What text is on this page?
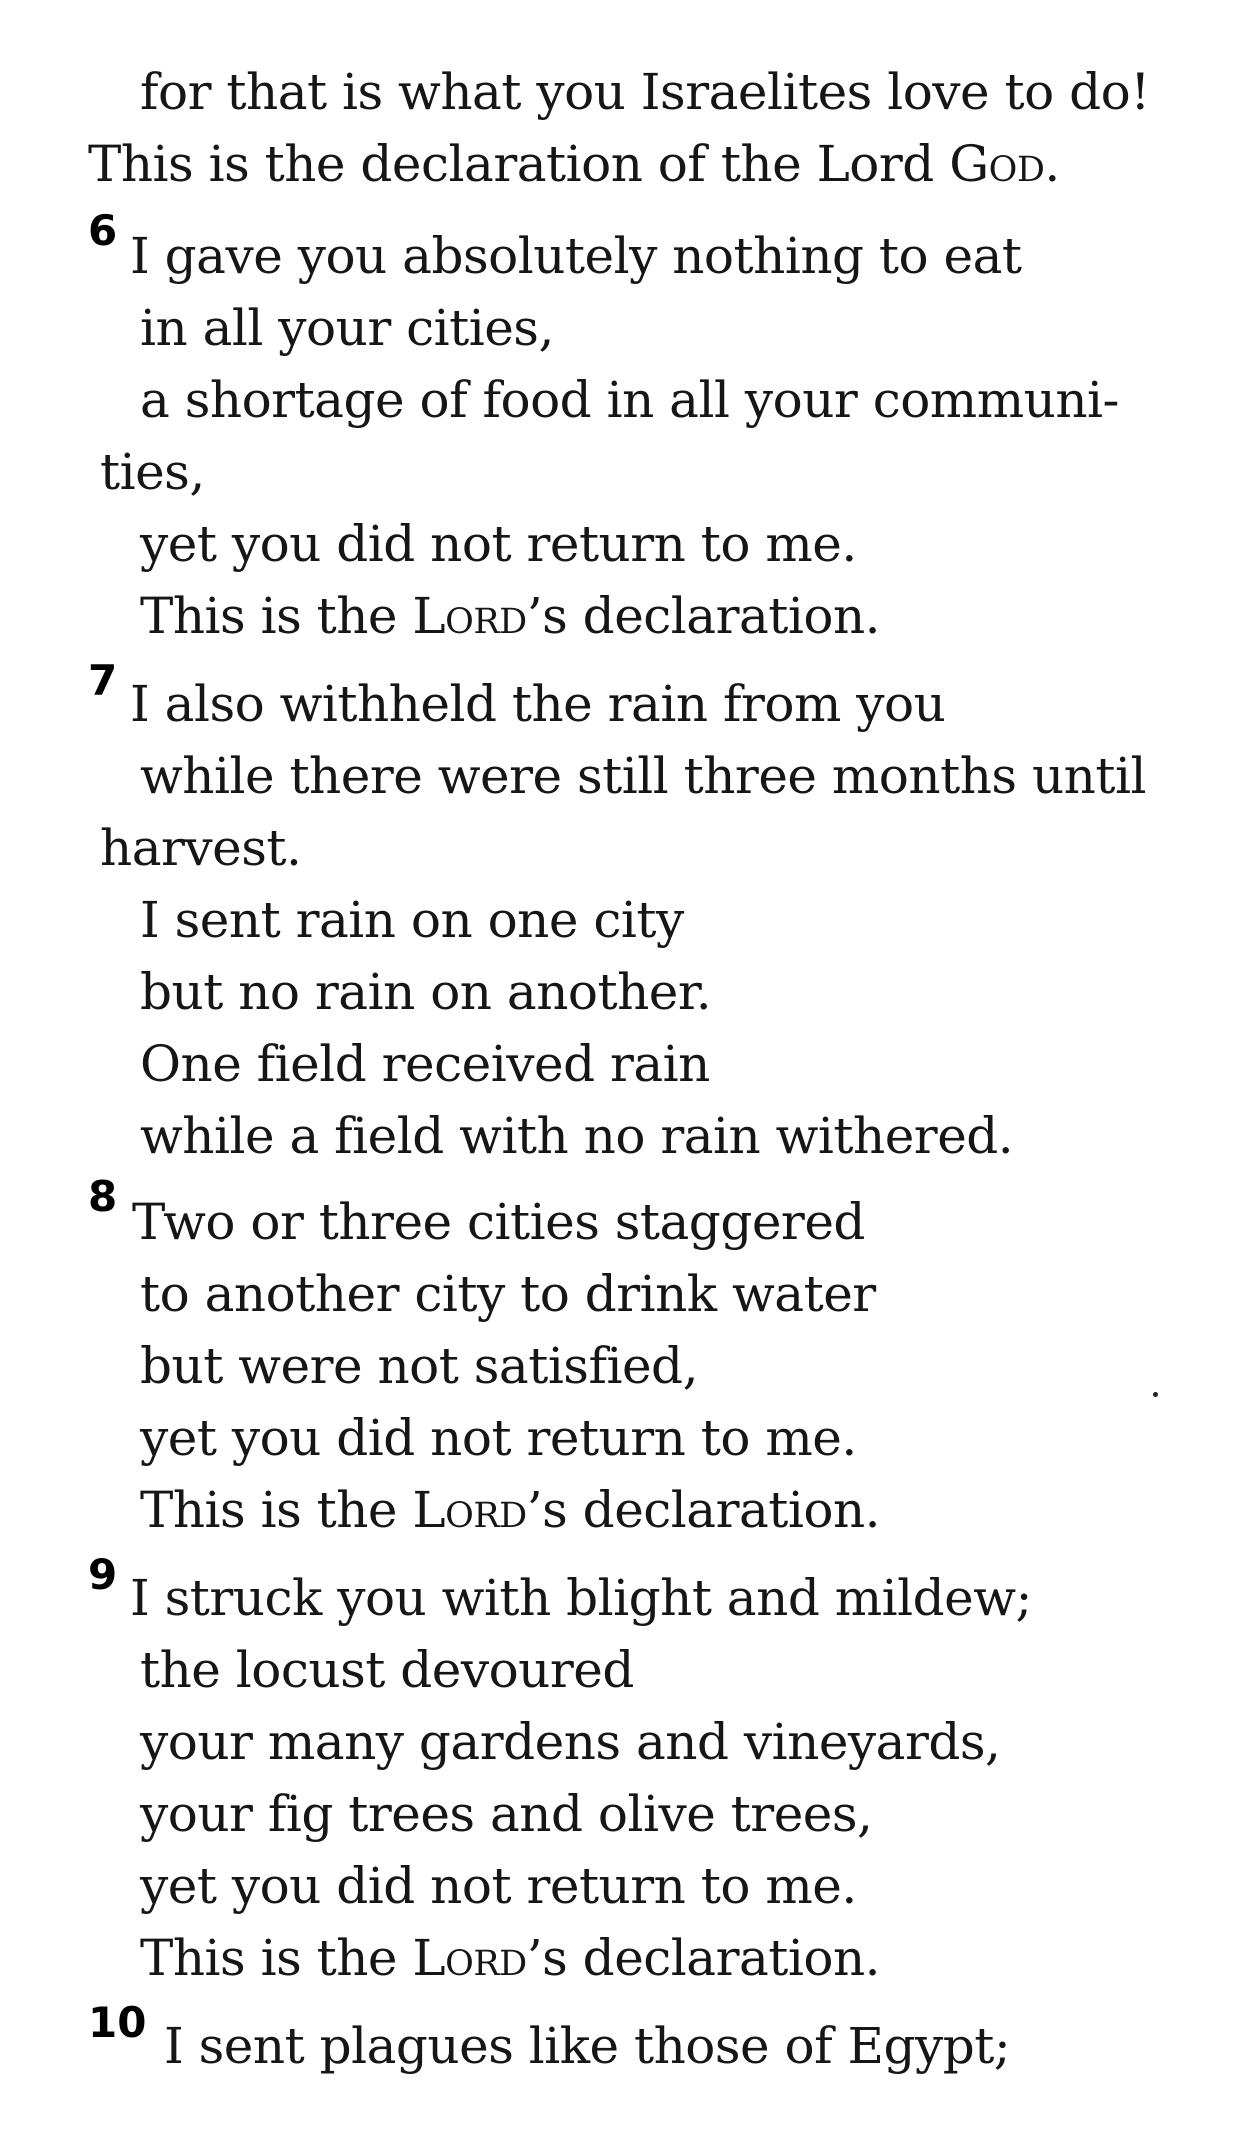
for that is what you Israelites love to do!
This is the declaration of the Lord God.
6 I gave you absolutely nothing to eat
in all your cities,
a shortage of food in all your communi-
ties,
yet you did not return to me.
This is the Lord’s declaration.
7 I also withheld the rain from you
while there were still three months until
harvest.
I sent rain on one city
but no rain on another.
One field received rain
while a field with no rain withered.
8 Two or three cities staggered
to another city to drink water
but were not satisfied,
yet you did not return to me.
This is the Lord’s declaration.
9 I struck you with blight and mildew;
the locust devoured
your many gardens and vineyards,
your fig trees and olive trees,
yet you did not return to me.
This is the Lord’s declaration.
10 I sent plagues like those of Egypt;
